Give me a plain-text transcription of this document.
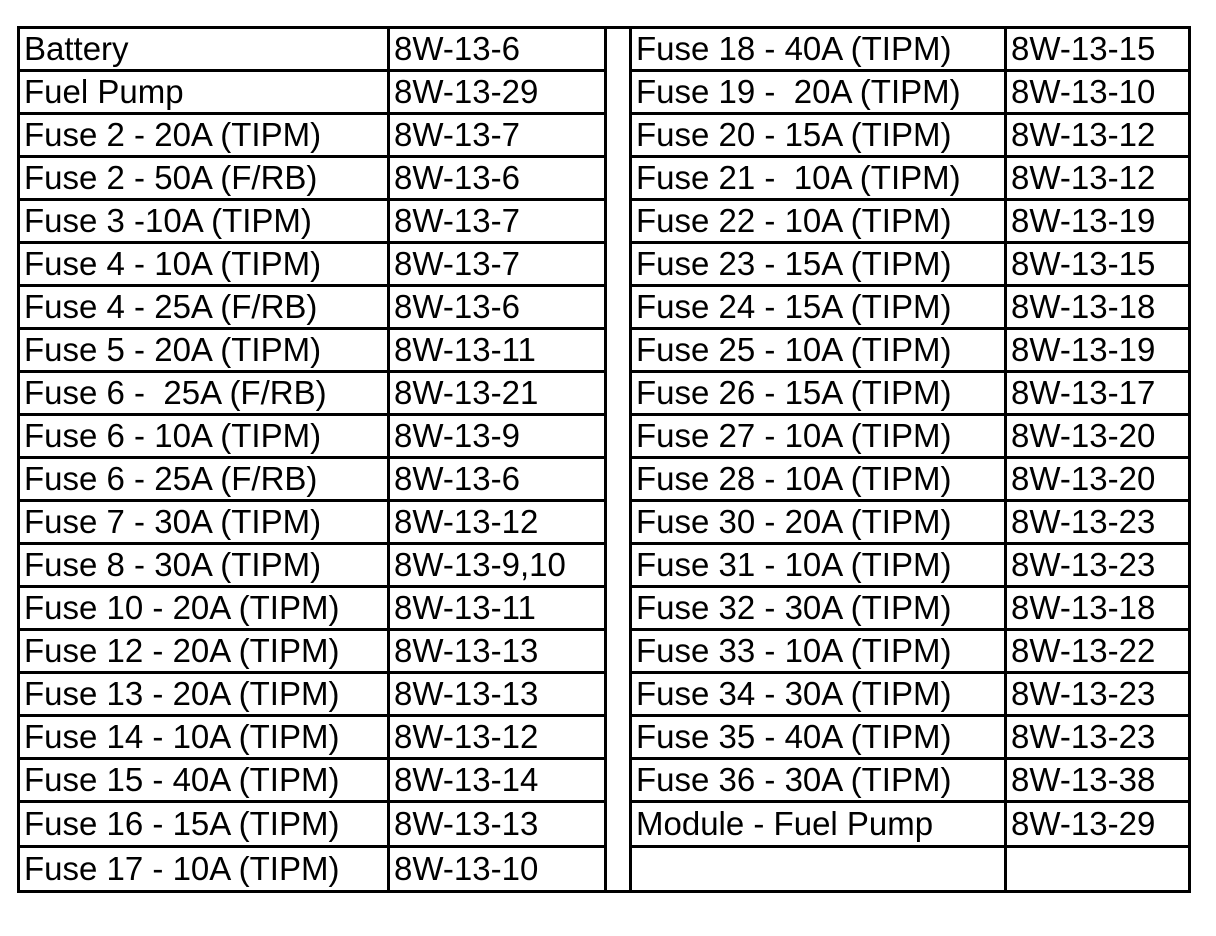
Battery	8W-13-6		Fuse 18 - 40A (TIPM)	8W-13-15
Fuel Pump	8W-13-29		Fuse 19 -  20A (TIPM)	8W-13-10
Fuse 2 - 20A (TIPM)	8W-13-7		Fuse 20 - 15A (TIPM)	8W-13-12
Fuse 2 - 50A (F/RB)	8W-13-6		Fuse 21 -  10A (TIPM)	8W-13-12
Fuse 3 -10A (TIPM)	8W-13-7		Fuse 22 - 10A (TIPM)	8W-13-19
Fuse 4 - 10A (TIPM)	8W-13-7		Fuse 23 - 15A (TIPM)	8W-13-15
Fuse 4 - 25A (F/RB)	8W-13-6		Fuse 24 - 15A (TIPM)	8W-13-18
Fuse 5 - 20A (TIPM)	8W-13-11		Fuse 25 - 10A (TIPM)	8W-13-19
Fuse 6 -  25A (F/RB)	8W-13-21		Fuse 26 - 15A (TIPM)	8W-13-17
Fuse 6 - 10A (TIPM)	8W-13-9		Fuse 27 - 10A (TIPM)	8W-13-20
Fuse 6 - 25A (F/RB)	8W-13-6		Fuse 28 - 10A (TIPM)	8W-13-20
Fuse 7 - 30A (TIPM)	8W-13-12		Fuse 30 - 20A (TIPM)	8W-13-23
Fuse 8 - 30A (TIPM)	8W-13-9,10		Fuse 31 - 10A (TIPM)	8W-13-23
Fuse 10 - 20A (TIPM)	8W-13-11		Fuse 32 - 30A (TIPM)	8W-13-18
Fuse 12 - 20A (TIPM)	8W-13-13		Fuse 33 - 10A (TIPM)	8W-13-22
Fuse 13 - 20A (TIPM)	8W-13-13		Fuse 34 - 30A (TIPM)	8W-13-23
Fuse 14 - 10A (TIPM)	8W-13-12		Fuse 35 - 40A (TIPM)	8W-13-23
Fuse 15 - 40A (TIPM)	8W-13-14		Fuse 36 - 30A (TIPM)	8W-13-38
Fuse 16 - 15A (TIPM)	8W-13-13		Module - Fuel Pump	8W-13-29
Fuse 17 - 10A (TIPM)	8W-13-10			
